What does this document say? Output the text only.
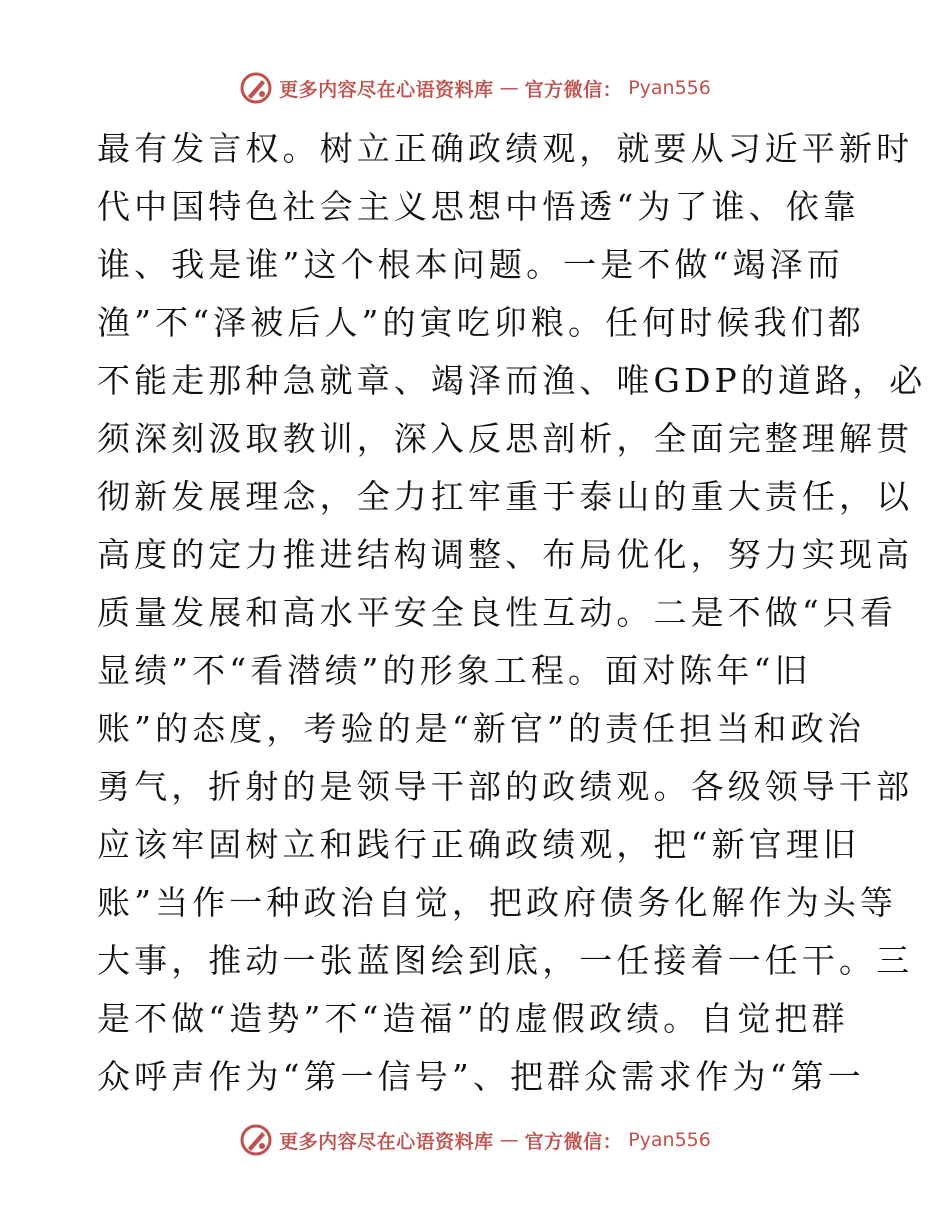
更多内容尽在心语资料库 — 官方微信： Pyan556
最有发言权。树立正确政绩观，就要从习近平新时
代中国特色社会主义思想中悟透“为了谁、依靠
谁、我是谁”这个根本问题。一是不做“竭泽而
渔”不“泽被后人”的寅吃卯粮。任何时候我们都
不能走那种急就章、竭泽而渔、唯GDP的道路，必
须深刻汲取教训，深入反思剖析，全面完整理解贯
彻新发展理念，全力扛牢重于泰山的重大责任，以
高度的定力推进结构调整、布局优化，努力实现高
质量发展和高水平安全良性互动。二是不做“只看
显绩”不“看潜绩”的形象工程。面对陈年“旧
账”的态度，考验的是“新官”的责任担当和政治
勇气，折射的是领导干部的政绩观。各级领导干部
应该牢固树立和践行正确政绩观，把“新官理旧
账”当作一种政治自觉，把政府债务化解作为头等
大事，推动一张蓝图绘到底，一任接着一任干。三
是不做“造势”不“造福”的虚假政绩。自觉把群
众呼声作为“第一信号”、把群众需求作为“第一
更多内容尽在心语资料库 — 官方微信： Pyan556
